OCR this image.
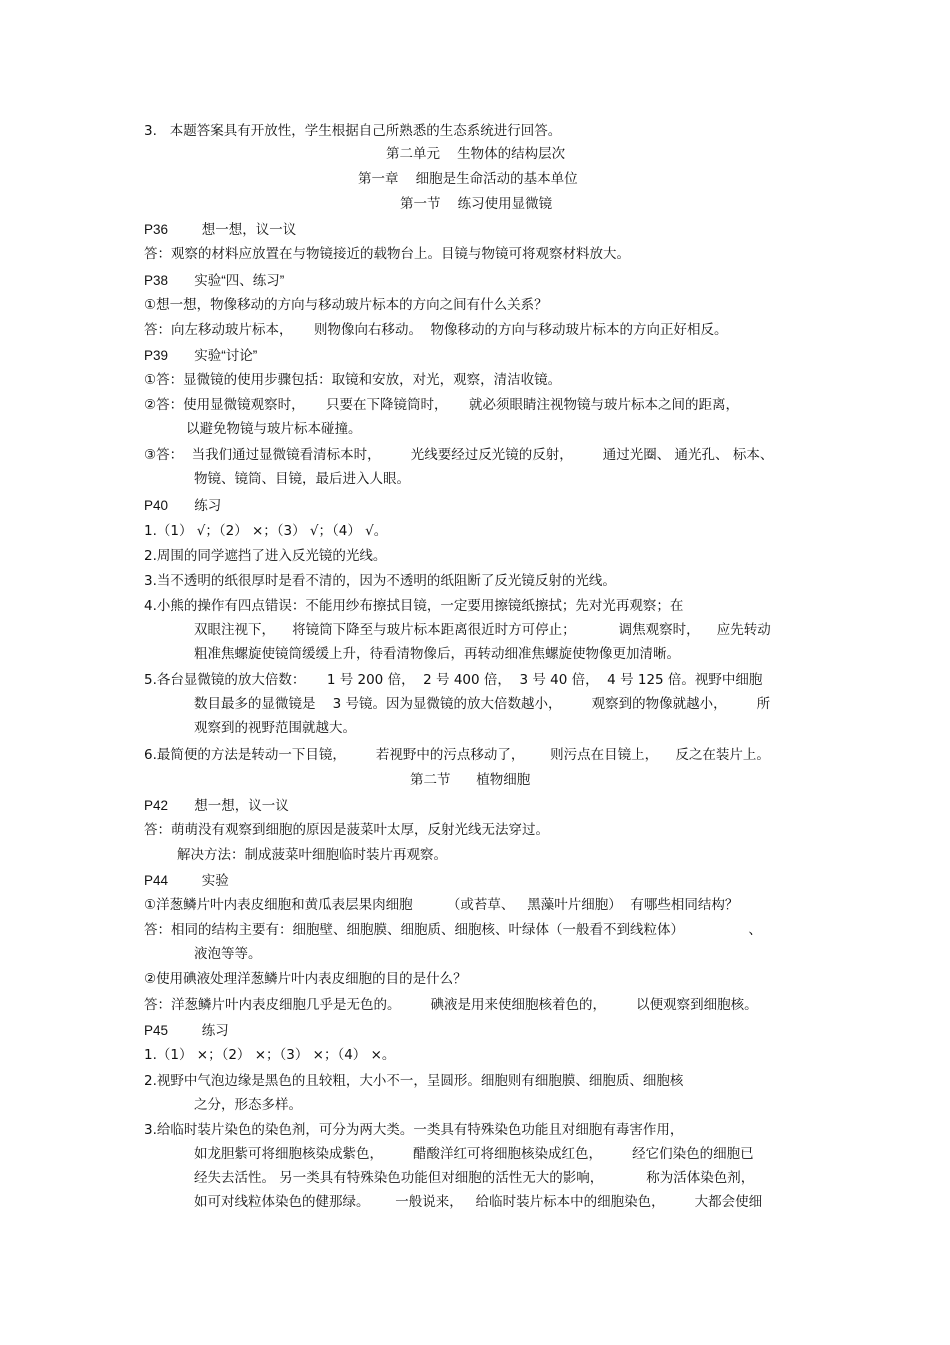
3.   本题答案具有开放性，学生根据自己所熟悉的生态系统进行回答。
第二单元    生物体的结构层次
第一章    细胞是生命活动的基本单位
第一节    练习使用显微镜
P36         想一想，议一议
答：观察的材料应放置在与物镜接近的载物台上。目镜与物镜可将观察材料放大。
P38       实验“四、练习”
①想一想，物像移动的方向与移动玻片标本的方向之间有什么关系？
答：向左移动玻片标本，     则物像向右移动。  物像移动的方向与移动玻片标本的方向正好相反。
P39       实验“讨论”
①答：显微镜的使用步骤包括：取镜和安放，对光，观察，清洁收镜。
②答：使用显微镜观察时，     只要在下降镜筒时，     就必须眼睛注视物镜与玻片标本之间的距离，
以避免物镜与玻片标本碰撞。
③答：  当我们通过显微镜看清标本时，       光线要经过反光镜的反射，       通过光圈、 通光孔、 标本、
物镜、镜筒、目镜，最后进入人眼。
P40       练习
1.（1） √；（2） ×；（3） √；（4） √。
2.周围的同学遮挡了进入反光镜的光线。
3.当不透明的纸很厚时是看不清的，因为不透明的纸阻断了反光镜反射的光线。
4.小熊的操作有四点错误：不能用纱布擦拭目镜，一定要用擦镜纸擦拭；先对光再观察；在
双眼注视下，    将镜筒下降至与玻片标本距离很近时方可停止；          调焦观察时，    应先转动
粗准焦螺旋使镜筒缓缓上升，待看清物像后，再转动细准焦螺旋使物像更加清晰。
5.各台显微镜的放大倍数：     1 号 200 倍，  2 号 400 倍，  3 号 40 倍，  4 号 125 倍。视野中细胞
数目最多的显微镜是    3 号镜。因为显微镜的放大倍数越小，       观察到的物像就越小，       所
观察到的视野范围就越大。
6.最简便的方法是转动一下目镜，       若视野中的污点移动了，      则污点在目镜上，    反之在装片上。
第二节      植物细胞
P42       想一想，议一议
答：萌萌没有观察到细胞的原因是菠菜叶太厚，反射光线无法穿过。
解决方法：制成菠菜叶细胞临时装片再观察。
P44         实验
①洋葱鳞片叶内表皮细胞和黄瓜表层果肉细胞        （或苔草、   黑藻叶片细胞）  有哪些相同结构？
答：相同的结构主要有：细胞壁、细胞膜、细胞质、细胞核、叶绿体（一般看不到线粒体）               、
液泡等等。
②使用碘液处理洋葱鳞片叶内表皮细胞的目的是什么？
答：洋葱鳞片叶内表皮细胞几乎是无色的。       碘液是用来使细胞核着色的，       以便观察到细胞核。
P45         练习
1.（1） ×；（2） ×；（3） ×；（4） ×。
2.视野中气泡边缘是黑色的且较粗，大小不一，呈圆形。细胞则有细胞膜、细胞质、细胞核
之分，形态多样。
3.给临时装片染色的染色剂，可分为两大类。一类具有特殊染色功能且对细胞有毒害作用，
如龙胆紫可将细胞核染成紫色，       醋酸洋红可将细胞核染成红色，       经它们染色的细胞已
经失去活性。 另一类具有特殊染色功能但对细胞的活性无大的影响，          称为活体染色剂，
如可对线粒体染色的健那绿。      一般说来，   给临时装片标本中的细胞染色，       大都会使细
